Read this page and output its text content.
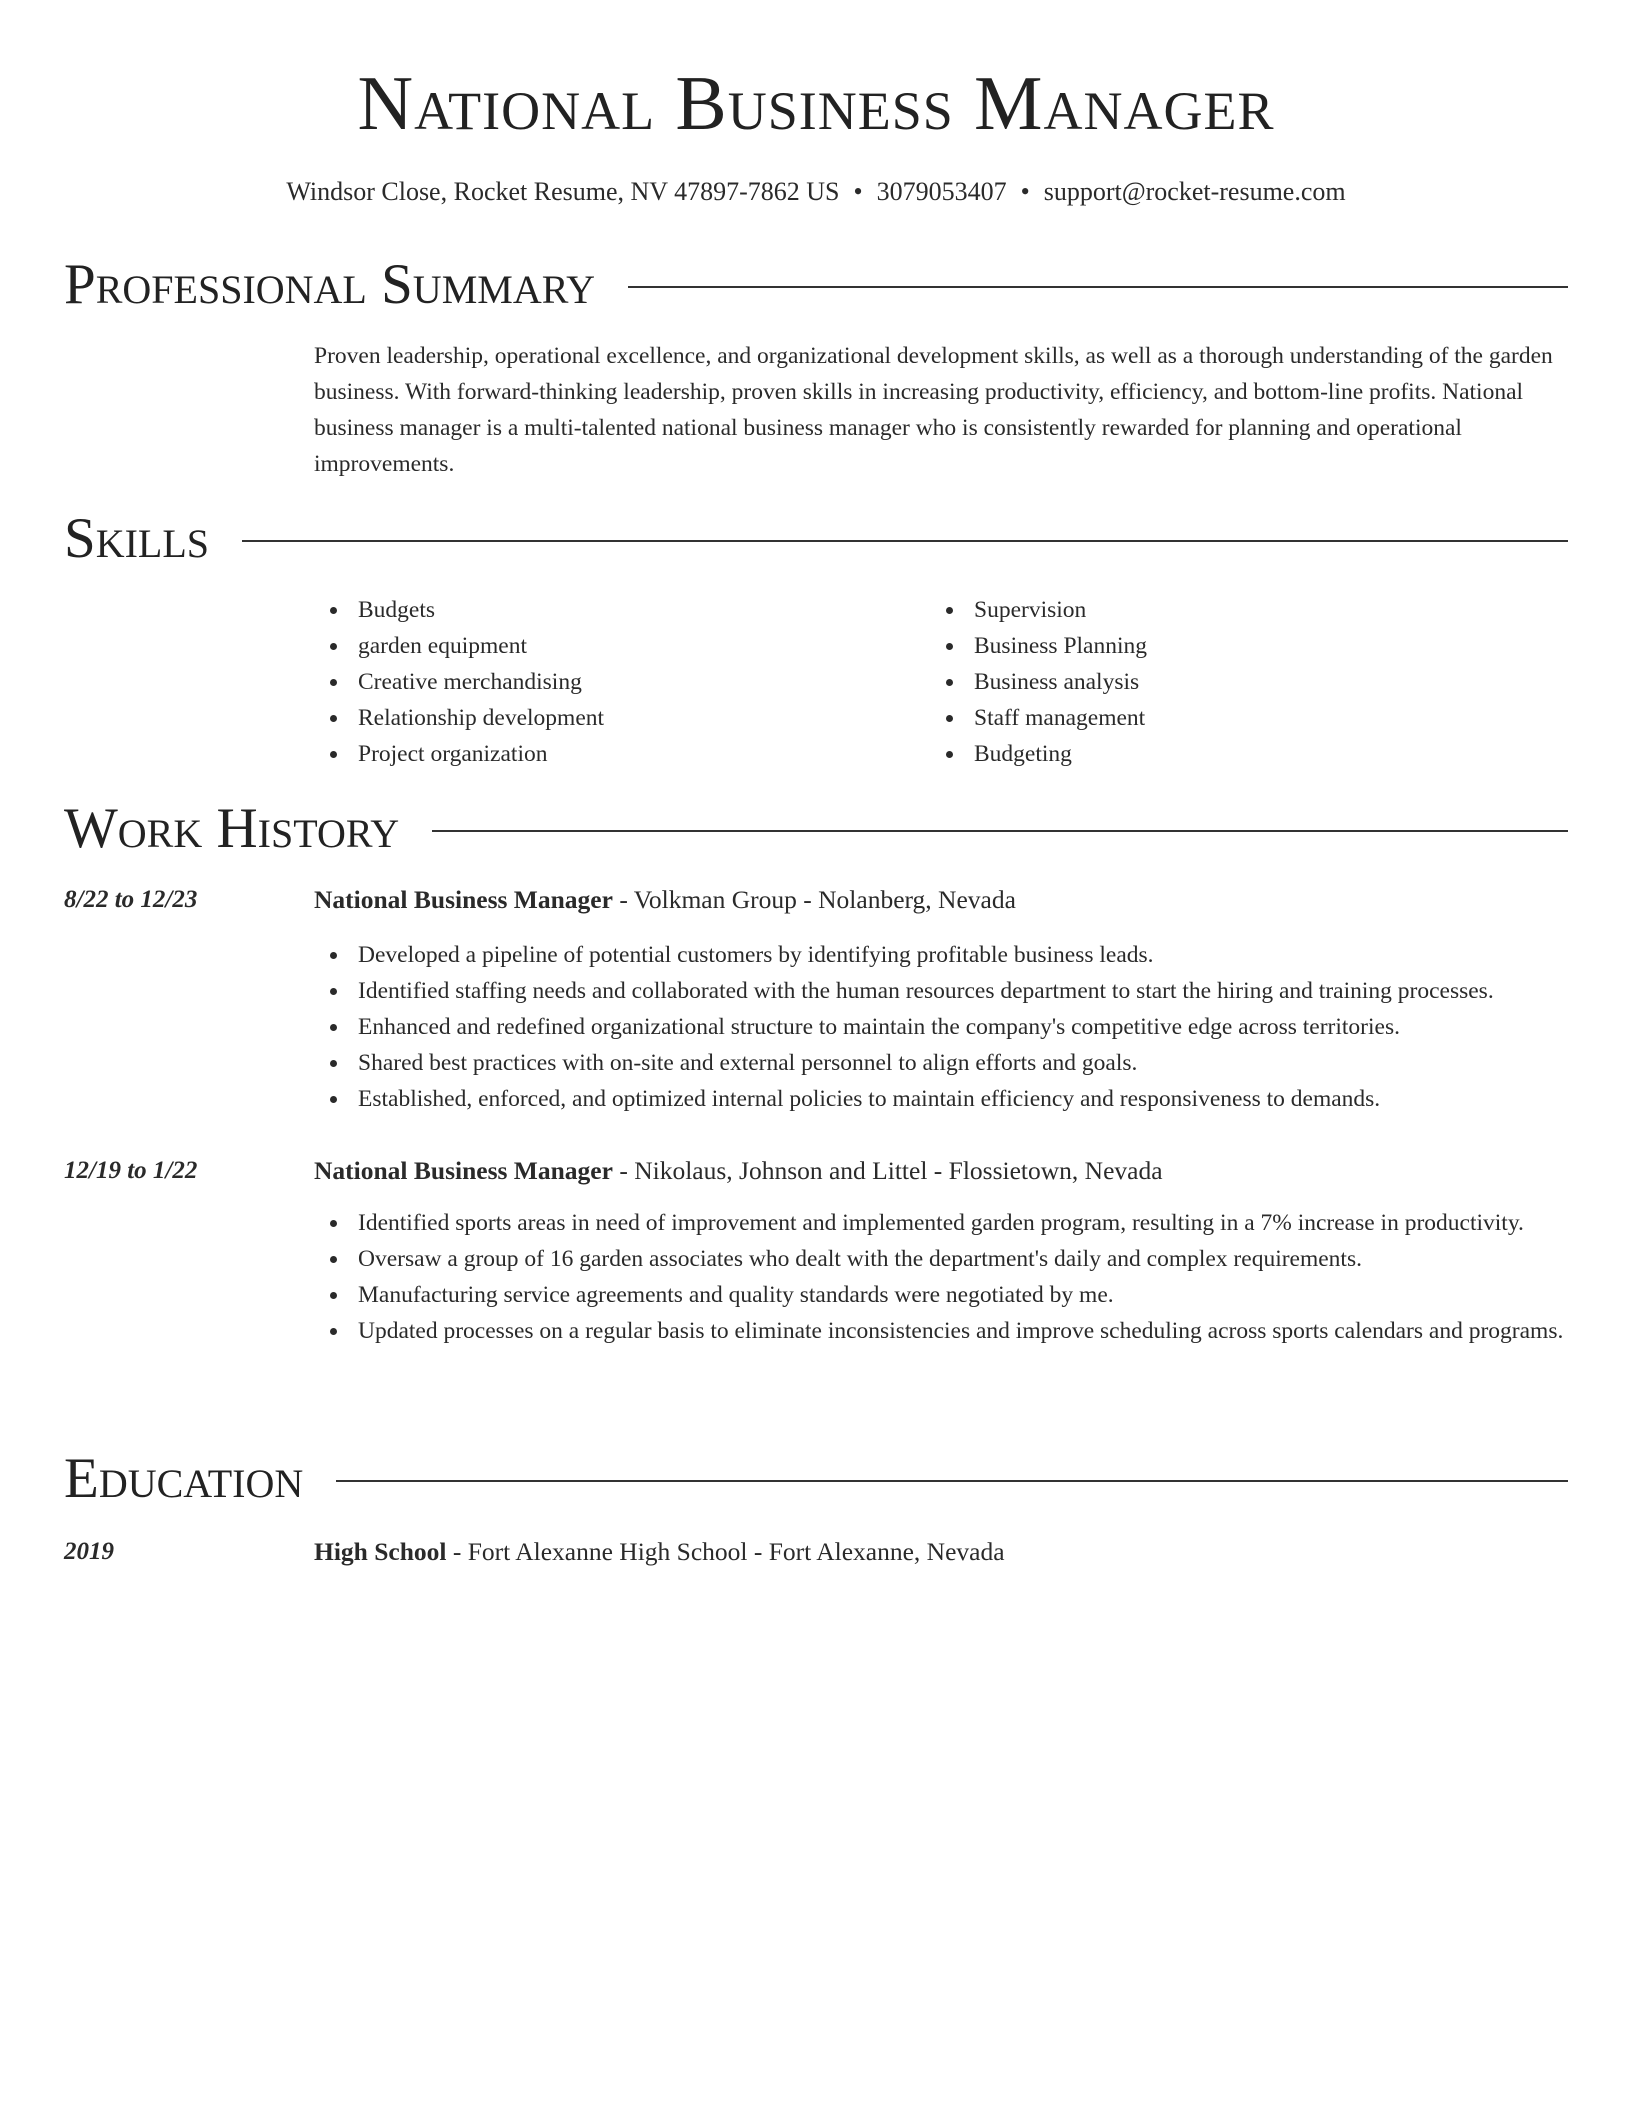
National Business Manager
Windsor Close, Rocket Resume, NV 47897-7862 US • 3079053407 • support@rocket-resume.com
Professional Summary
Proven leadership, operational excellence, and organizational development skills, as well as a thorough understanding of the garden business. With forward-thinking leadership, proven skills in increasing productivity, efficiency, and bottom-line profits. National business manager is a multi-talented national business manager who is consistently rewarded for planning and operational improvements.
Skills
Budgets
garden equipment
Creative merchandising
Relationship development
Project organization
Supervision
Business Planning
Business analysis
Staff management
Budgeting
Work History
8/22 to 12/23	National Business Manager - Volkman Group - Nolanberg, Nevada
Developed a pipeline of potential customers by identifying profitable business leads.
Identified staffing needs and collaborated with the human resources department to start the hiring and training processes.
Enhanced and redefined organizational structure to maintain the company's competitive edge across territories.
Shared best practices with on-site and external personnel to align efforts and goals.
Established, enforced, and optimized internal policies to maintain efficiency and responsiveness to demands.
12/19 to 1/22	National Business Manager - Nikolaus, Johnson and Littel - Flossietown, Nevada
Identified sports areas in need of improvement and implemented garden program, resulting in a 7% increase in productivity.
Oversaw a group of 16 garden associates who dealt with the department's daily and complex requirements.
Manufacturing service agreements and quality standards were negotiated by me.
Updated processes on a regular basis to eliminate inconsistencies and improve scheduling across sports calendars and programs.
Education
2019	High School - Fort Alexanne High School - Fort Alexanne, Nevada
